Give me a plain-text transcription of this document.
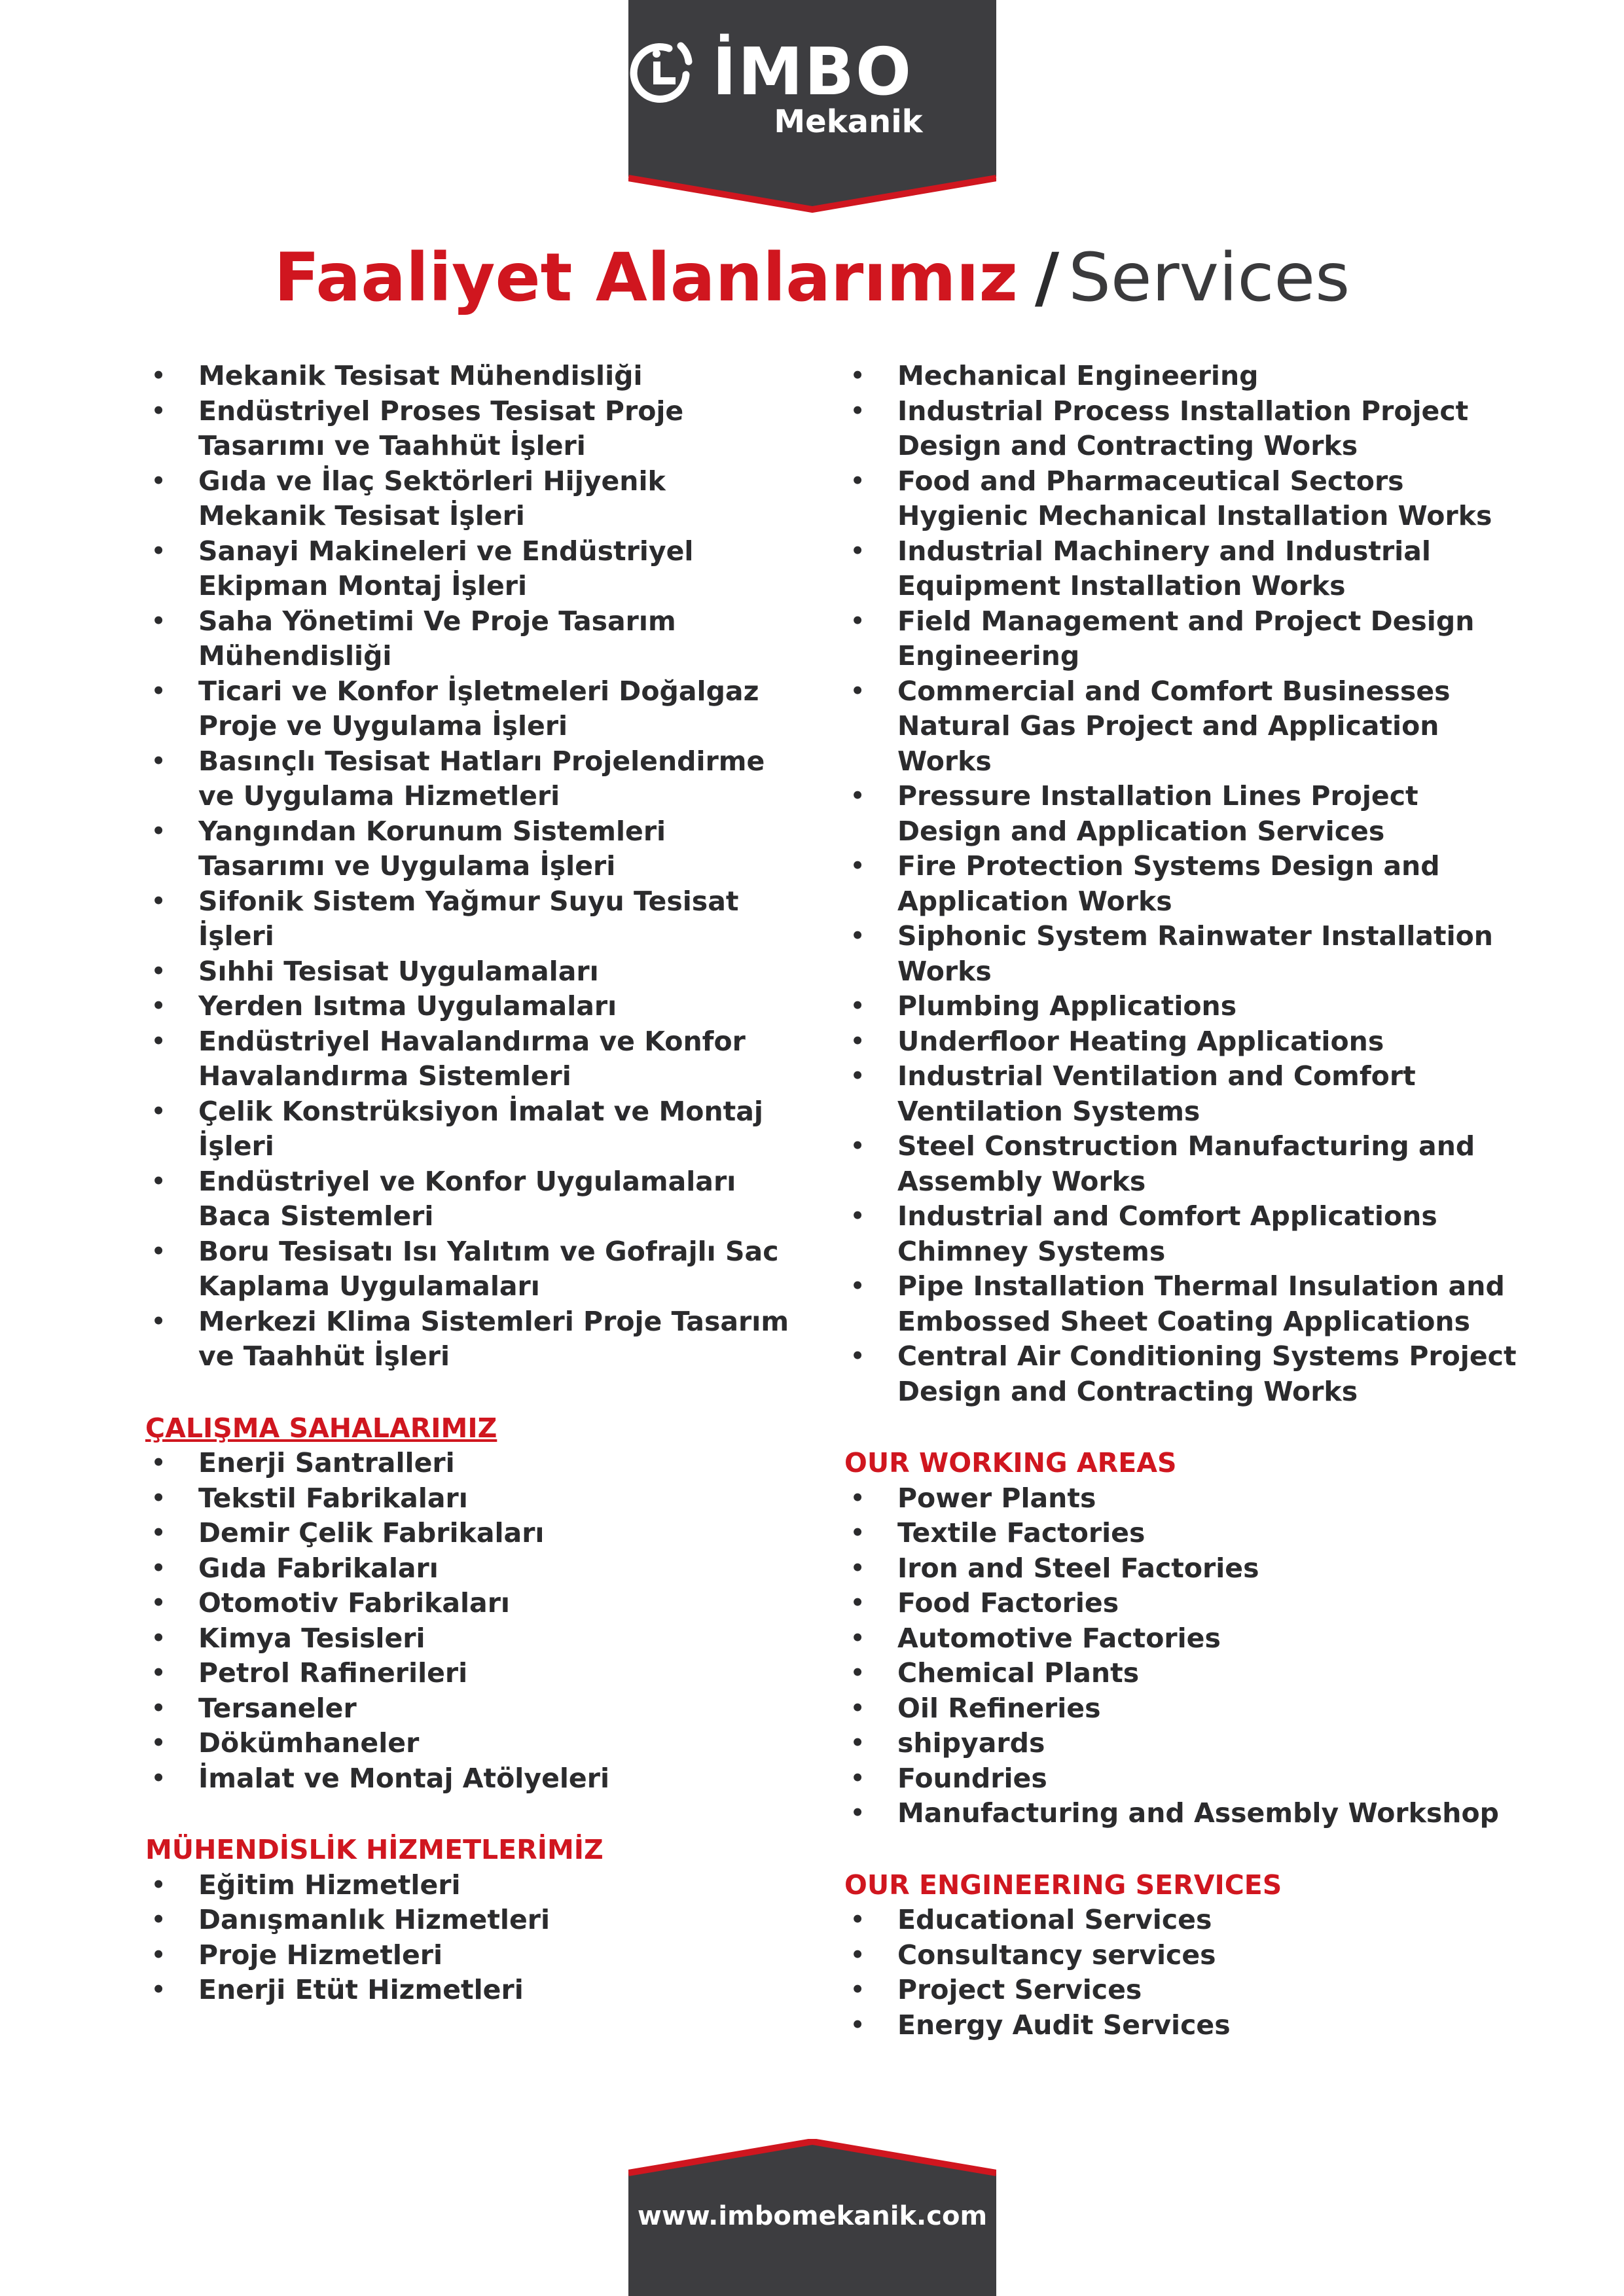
İMBO
Mekanik
Faaliyet Alanlarımız / Services
• Mekanik Tesisat Mühendisliği
• Endüstriyel Proses Tesisat Proje Tasarımı ve Taahhüt İşleri
• Gıda ve İlaç Sektörleri Hijyenik Mekanik Tesisat İşleri
• Sanayi Makineleri ve Endüstriyel Ekipman Montaj İşleri
• Saha Yönetimi Ve Proje Tasarım Mühendisliği
• Ticari ve Konfor İşletmeleri Doğalgaz Proje ve Uygulama İşleri
• Basınçlı Tesisat Hatları Projelendirme ve Uygulama Hizmetleri
• Yangından Korunum Sistemleri Tasarımı ve Uygulama İşleri
• Sifonik Sistem Yağmur Suyu Tesisat İşleri
• Sıhhi Tesisat Uygulamaları
• Yerden Isıtma Uygulamaları
• Endüstriyel Havalandırma ve Konfor Havalandırma Sistemleri
• Çelik Konstrüksiyon İmalat ve Montaj İşleri
• Endüstriyel ve Konfor Uygulamaları Baca Sistemleri
• Boru Tesisatı Isı Yalıtım ve Gofrajlı Sac Kaplama Uygulamaları
• Merkezi Klima Sistemleri Proje Tasarım ve Taahhüt İşleri
ÇALIŞMA SAHALARIMIZ
• Enerji Santralleri
• Tekstil Fabrikaları
• Demir Çelik Fabrikaları
• Gıda Fabrikaları
• Otomotiv Fabrikaları
• Kimya Tesisleri
• Petrol Rafinerileri
• Tersaneler
• Dökümhaneler
• İmalat ve Montaj Atölyeleri
MÜHENDİSLİK HİZMETLERİMİZ
• Eğitim Hizmetleri
• Danışmanlık Hizmetleri
• Proje Hizmetleri
• Enerji Etüt Hizmetleri
• Mechanical Engineering
• Industrial Process Installation Project Design and Contracting Works
• Food and Pharmaceutical Sectors Hygienic Mechanical Installation Works
• Industrial Machinery and Industrial Equipment Installation Works
• Field Management and Project Design Engineering
• Commercial and Comfort Businesses Natural Gas Project and Application Works
• Pressure Installation Lines Project Design and Application Services
• Fire Protection Systems Design and Application Works
• Siphonic System Rainwater Installation Works
• Plumbing Applications
• Underfloor Heating Applications
• Industrial Ventilation and Comfort Ventilation Systems
• Steel Construction Manufacturing and Assembly Works
• Industrial and Comfort Applications Chimney Systems
• Pipe Installation Thermal Insulation and Embossed Sheet Coating Applications
• Central Air Conditioning Systems Project Design and Contracting Works
OUR WORKING AREAS
• Power Plants
• Textile Factories
• Iron and Steel Factories
• Food Factories
• Automotive Factories
• Chemical Plants
• Oil Refineries
• shipyards
• Foundries
• Manufacturing and Assembly Workshop
OUR ENGINEERING SERVICES
• Educational Services
• Consultancy services
• Project Services
• Energy Audit Services
www.imbomekanik.com
